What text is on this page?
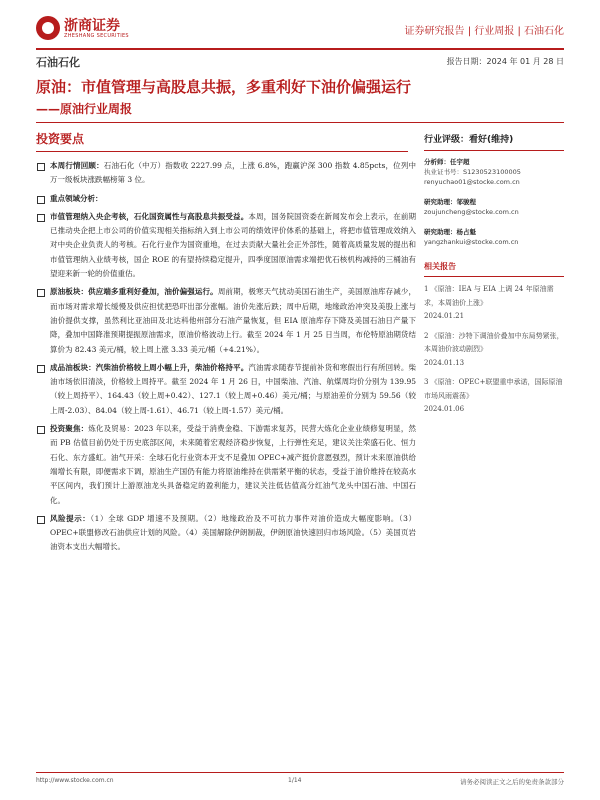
浙商证券
ZHESHANG SECURITIES	证券研究报告 | 行业周报 | 石油石化
石油石化	报告日期：2024 年 01 月 28 日
原油：市值管理与高股息共振，多重利好下油价偏强运行
——原油行业周报
投资要点
本周行情回顾：石油石化（中万）指数收 2227.99 点，上涨 6.8%，跑赢沪深 300 指数 4.85pcts，位列中万一级板块涨跌幅榜第 3 位。
重点领域分析：
市值管理纳入央企考核，石化国资属性与高股息共振受益。本周，国务院国资委在新闻发布会上表示，在前期已推动央企把上市公司的价值实现相关指标纳入到上市公司的绩效评价体系的基础上，将把市值管理成效纳入对中央企业负责人的考核。石化行业作为国资重地，在过去贡献大量社会正外部性，随着高质量发展的提出和市值管理纳入业绩考核，国企 ROE 的有望持续稳定提升，四季度国原油需求端把优石核机构减持的三桶油有望迎来新一轮的价值重估。
原油板块：供应端多重利好叠加，油价偏强运行。周前期，极寒天气扰动美国石油生产，美国原油库存减少，而市场对需求增长缓慢及供应担忧把恐吓出部分涨幅。油价先涨后跌；周中后期，地缘政治冲突及美股上涨与油价提供支撑，虽然利比亚油田及北达科他州部分石油产量恢复，但 EIA 原油库存下降及美国石油日产量下降，叠加中国降准预期提振原油需求，原油价格波动上行。截至 2024 年 1 月 25 日当周，布伦特原油期货结算价为 82.43 美元/桶，较上周上涨 3.33 美元/桶（+4.21%）。
成品油板块：汽柴油价格较上周小幅上升，柴油价格持平。汽油需求随春节提前补货和寒假出行有所回转。柴油市场依旧清淡，价格较上周持平。截至 2024 年 1 月 26 日，中国柴油、汽油、航煤周均价分别为 139.95（较上周持平）、164.43（较上周+0.42）、127.1（较上周+0.46）美元/桶；与原油差价分别为 59.56（较上周-2.03）、84.04（较上周-1.61）、46.71（较上周-1.57）美元/桶。
投资聚焦：炼化及贸易：2023 年以来，受益于消费金稳、下游需求复苏，民营大炼化企业业绩修复明显，然而 PB 估值目前仍处于历史底部区间，未来随着宏观经济稳步恢复，上行弹性充足，建议关注荣盛石化、恒力石化、东方盛虹。油气开采：全球石化行业资本开支不足叠加 OPEC+减产挺价意愿强烈，预计未来原油供给端增长有限，即便需求下调，原油生产国仍有能力将原油维持在供需紧平衡的状态，受益于油价维持在较高水平区间内，我们预计上游原油龙头具备稳定的盈利能力，建议关注低估值高分红油气龙头中国石油、中国石化。
风险提示：（1）全球 GDP 增速不及预期。（2）地缘政治及不可抗力事件对油价造成大幅度影响。（3）OPEC+联盟修改石油供应计划的风险。（4）美国解除伊朗制裁，伊朗原油快速回归市场风险。（5）美国页岩油资本支出大幅增长。
行业评级：看好(维持)
分析师：任宇超
执业证书号：S1230523100005
renyuchao01@stocke.com.cn
研究助理：邹骏程
zoujuncheng@stocke.com.cn
研究助理：杨占魁
yangzhankui@stocke.com.cn
相关报告
1 《原油：IEA 与 EIA 上调 24 年原油需求，本周油价上涨》
2024.01.21
2 《原油：沙特下调油价叠加中东局势紧张，本周油价波动剧烈》
2024.01.13
3 《原油：OPEC+联盟重申承诺，国际原油市场风雨震荡》
2024.01.06
http://www.stocke.com.cn	1/14	请务必阅读正文之后的免责条款部分
